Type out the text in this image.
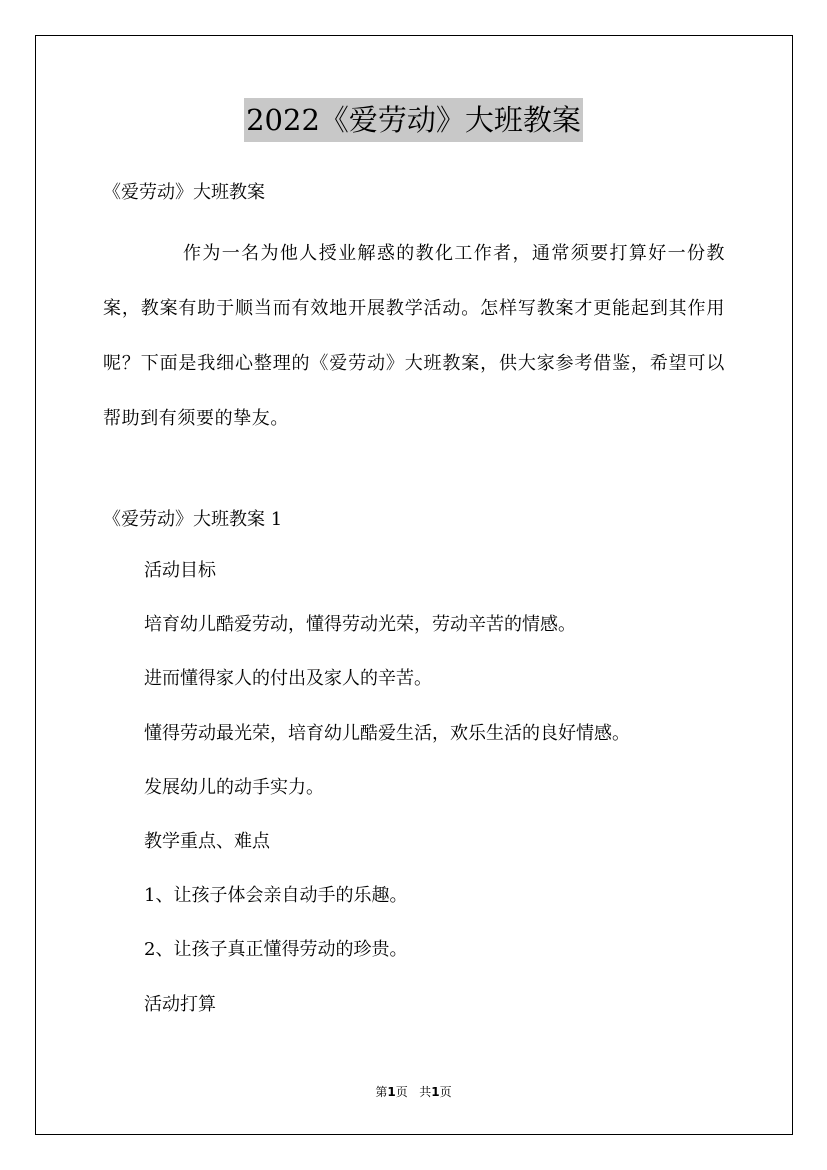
2022《爱劳动》大班教案
《爱劳动》大班教案
作为一名为他人授业解惑的教化工作者，通常须要打算好一份教案，教案有助于顺当而有效地开展教学活动。怎样写教案才更能起到其作用呢？下面是我细心整理的《爱劳动》大班教案，供大家参考借鉴，希望可以帮助到有须要的挚友。
《爱劳动》大班教案 1
活动目标
培育幼儿酷爱劳动，懂得劳动光荣，劳动辛苦的情感。
进而懂得家人的付出及家人的辛苦。
懂得劳动最光荣，培育幼儿酷爱生活，欢乐生活的良好情感。
发展幼儿的动手实力。
教学重点、难点
1、让孩子体会亲自动手的乐趣。
2、让孩子真正懂得劳动的珍贵。
活动打算
第1页 共1页
